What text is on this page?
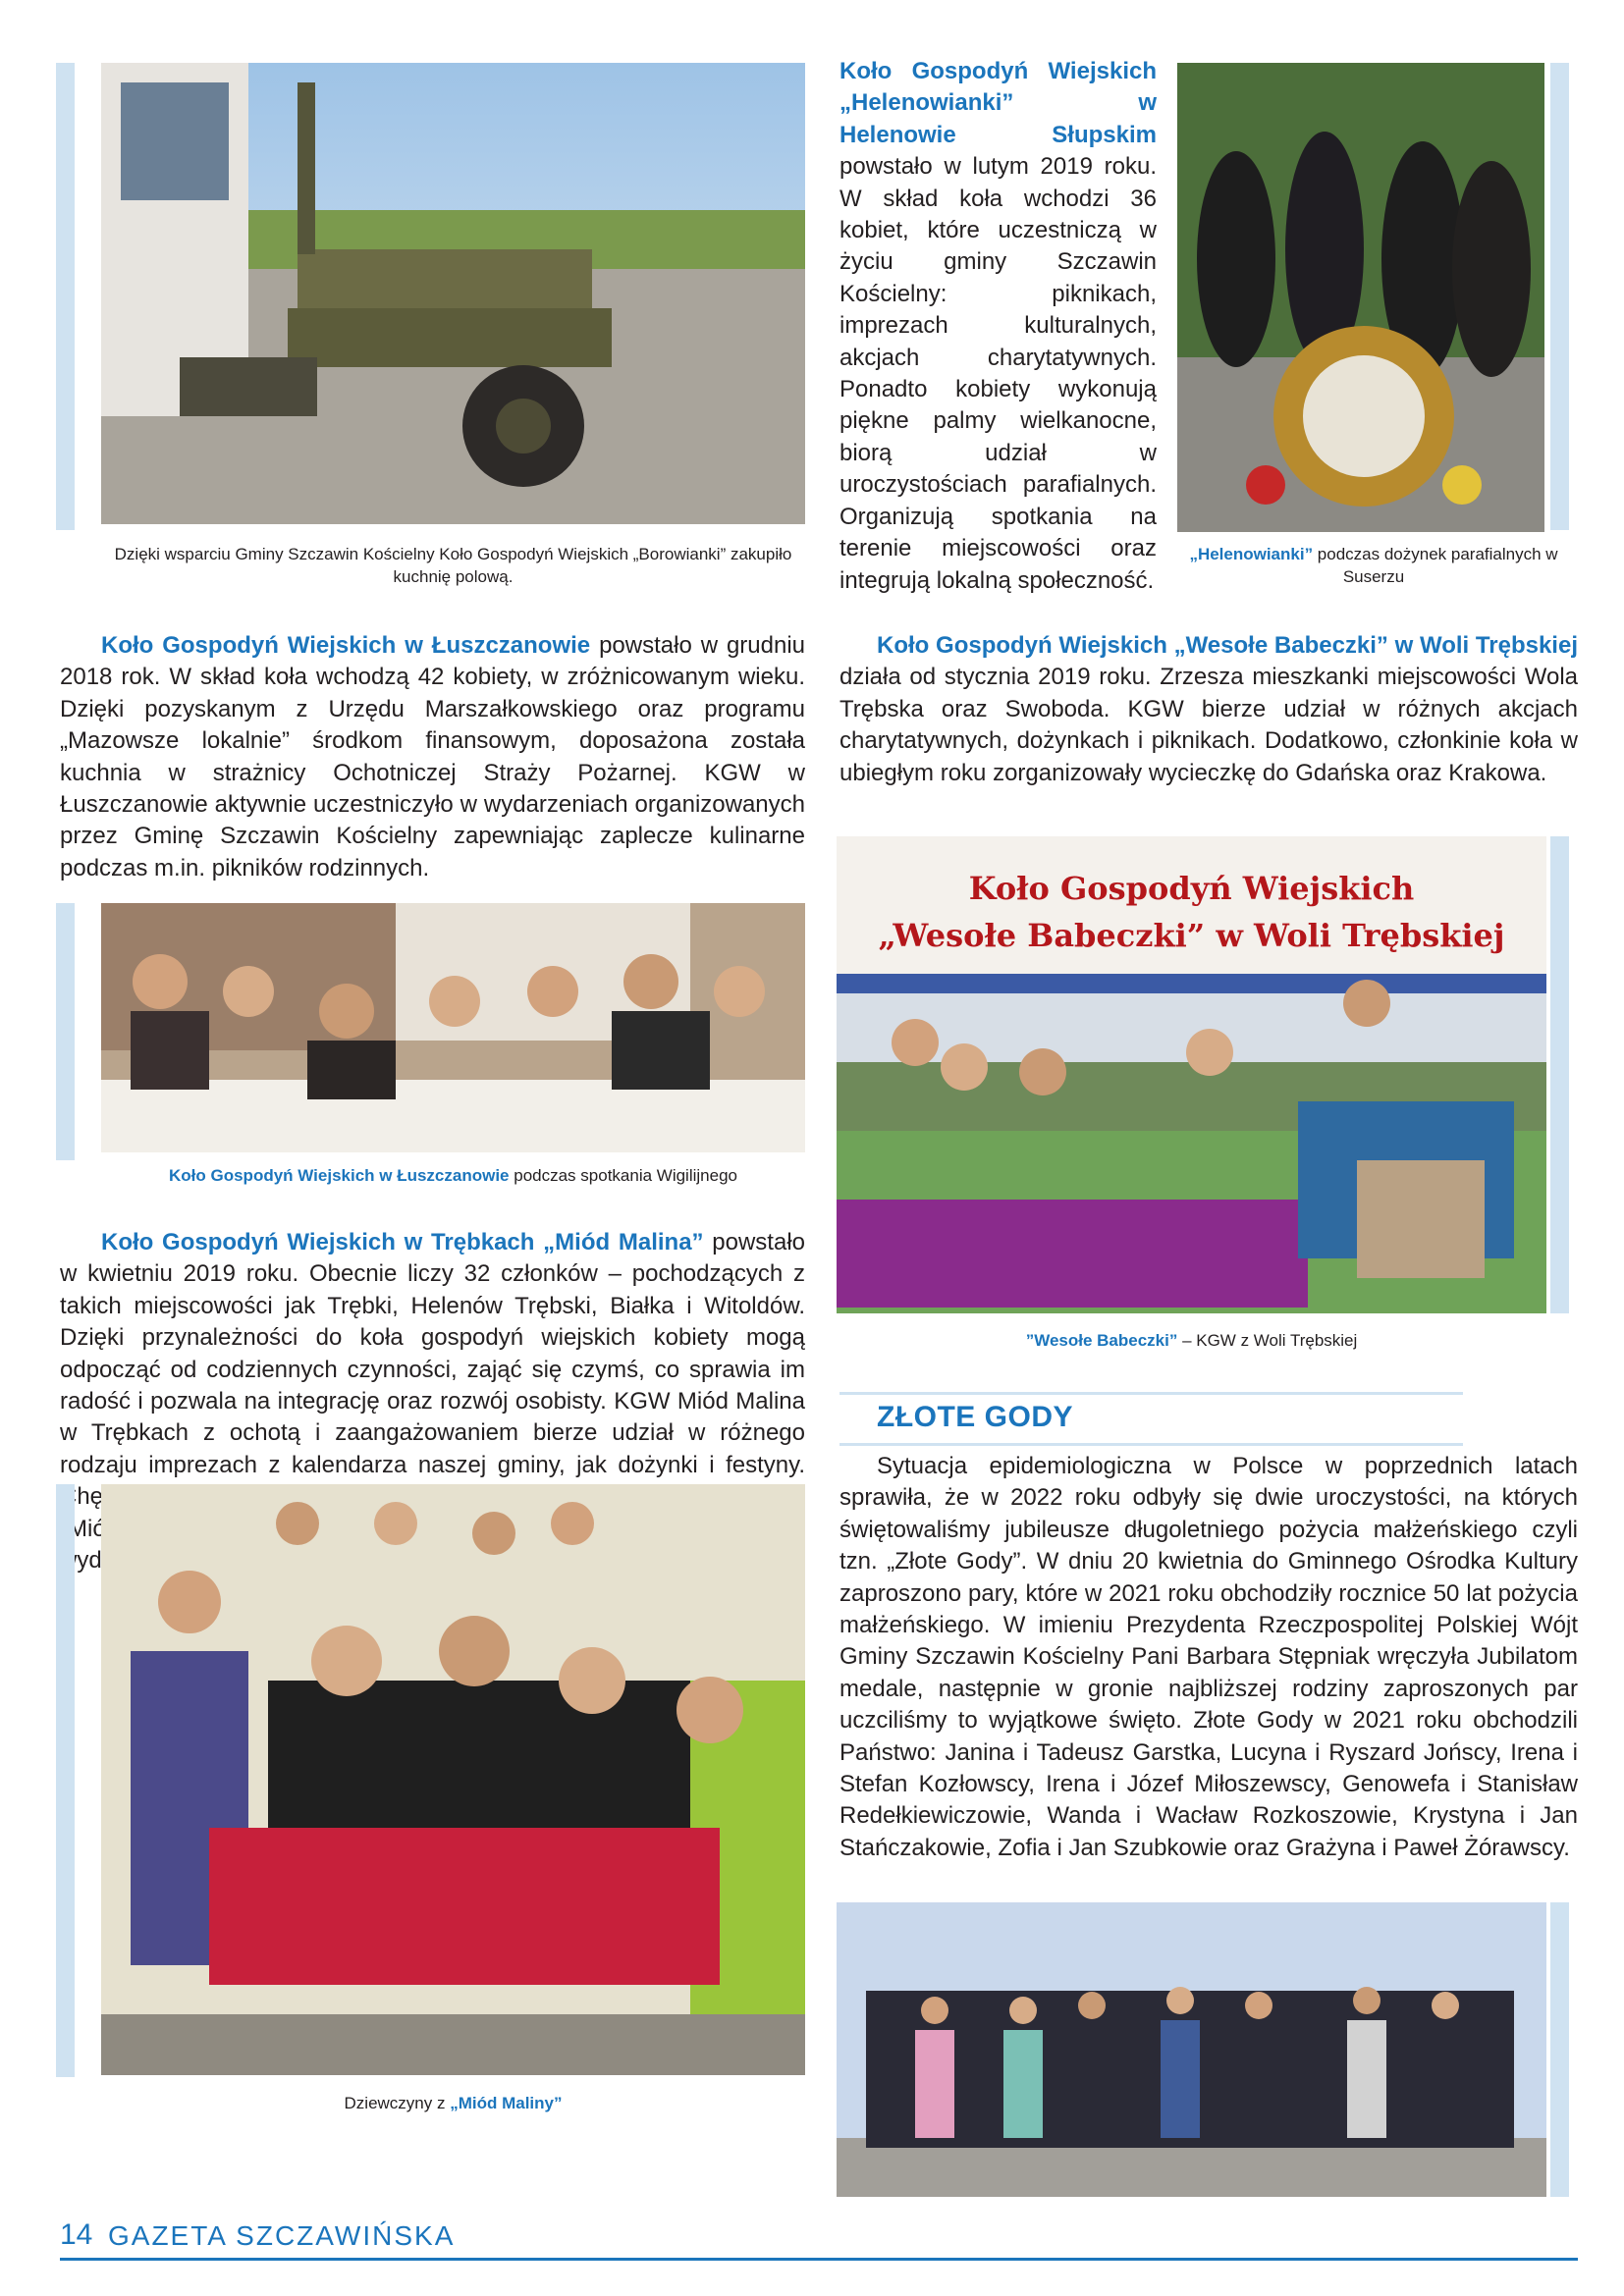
Dzięki wsparciu Gminy Szczawin Kościelny Koło Gospodyń Wiejskich „Borowianki” zakupiło kuchnię polową.
Koło Gospodyń Wiejskich „Helenowianki” w Helenowie Słupskim powstało w lutym 2019 roku. W skład koła wchodzi 36 kobiet, które uczestniczą w życiu gminy Szczawin Kościelny: piknikach, imprezach kulturalnych, akcjach charytatywnych. Ponadto kobiety wykonują piękne palmy wielkanocne, biorą udział w uroczystościach parafialnych. Organizują spotkania na terenie miejscowości oraz integrują lokalną społeczność.
„Helenowianki” podczas dożynek parafialnych w Suserzu
Koło Gospodyń Wiejskich w Łuszczanowie powstało w grudniu 2018 rok. W skład koła wchodzą 42 kobiety, w zróżnicowanym wieku. Dzięki pozyskanym z Urzędu Marszałkowskiego oraz programu „Mazowsze lokalnie” środkom finansowym, doposażona została kuchnia w strażnicy Ochotniczej Straży Pożarnej. KGW w Łuszczanowie aktywnie uczestniczyło w wydarzeniach organizowanych przez Gminę Szczawin Kościelny zapewniając zaplecze kulinarne podczas m.in. pikników rodzinnych.
Koło Gospodyń Wiejskich „Wesołe Babeczki” w Woli Trębskiej działa od stycznia 2019 roku. Zrzesza mieszkanki miejscowości Wola Trębska oraz Swoboda. KGW bierze udział w różnych akcjach charytatywnych, dożynkach i piknikach. Dodatkowo, członkinie koła w ubiegłym roku zorganizowały wycieczkę do Gdańska oraz Krakowa.
Koło Gospodyń Wiejskich w Łuszczanowie podczas spotkania Wigilijnego
Koło Gospodyń Wiejskich
„Wesołe Babeczki” w Woli Trębskiej
”Wesołe Babeczki” – KGW z Woli Trębskiej
Koło Gospodyń Wiejskich w Trębkach „Miód Malina” powstało w kwietniu 2019 roku. Obecnie liczy 32 członków – pochodzących z takich miejscowości jak Trębki, Helenów Trębski, Białka i Witoldów. Dzięki przynależności do koła gospodyń wiejskich kobiety mogą odpocząć od codziennych czynności, zająć się czymś, co sprawia im radość i pozwala na integrację oraz rozwój osobisty. KGW Miód Malina w Trębkach z ochotą i zaangażowaniem bierze udział w różnego rodzaju imprezach z kalendarza naszej gminy, jak dożynki i festyny. Chętnie „Miód
ZŁOTE GODY
Sytuacja epidemiologiczna w Polsce w poprzednich latach sprawiła, że w 2022 roku odbyły się dwie uroczystości, na których świętowaliśmy jubileusze długoletniego pożycia małżeńskiego czyli tzn. „Złote Gody”. W dniu 20 kwietnia do Gminnego Ośrodka Kultury zaproszono pary, które w 2021 roku obchodziły rocznice 50 lat pożycia małżeńskiego. W imieniu Prezydenta Rzeczpospolitej Polskiej Wójt Gminy Szczawin Kościelny Pani Barbara Stępniak wręczyła Jubilatom medale, następnie w gronie najbliższej rodziny zaproszonych par uczciliśmy to wyjątkowe święto. Złote Gody w 2021 roku obchodzili Państwo: Janina i Tadeusz Garstka, Lucyna i Ryszard Jońscy, Irena i Stefan Kozłowscy, Irena i Józef Miłoszewscy, Genowefa i Stanisław Redełkiewiczowie, Wanda i Wacław Rozkoszowie, Krystyna i Jan Stańczakowie, Zofia i Jan Szubkowie oraz Grażyna i Paweł Żórawscy.
Dziewczyny z „Miód Maliny”
14 GAZETA SZCZAWIŃSKA
